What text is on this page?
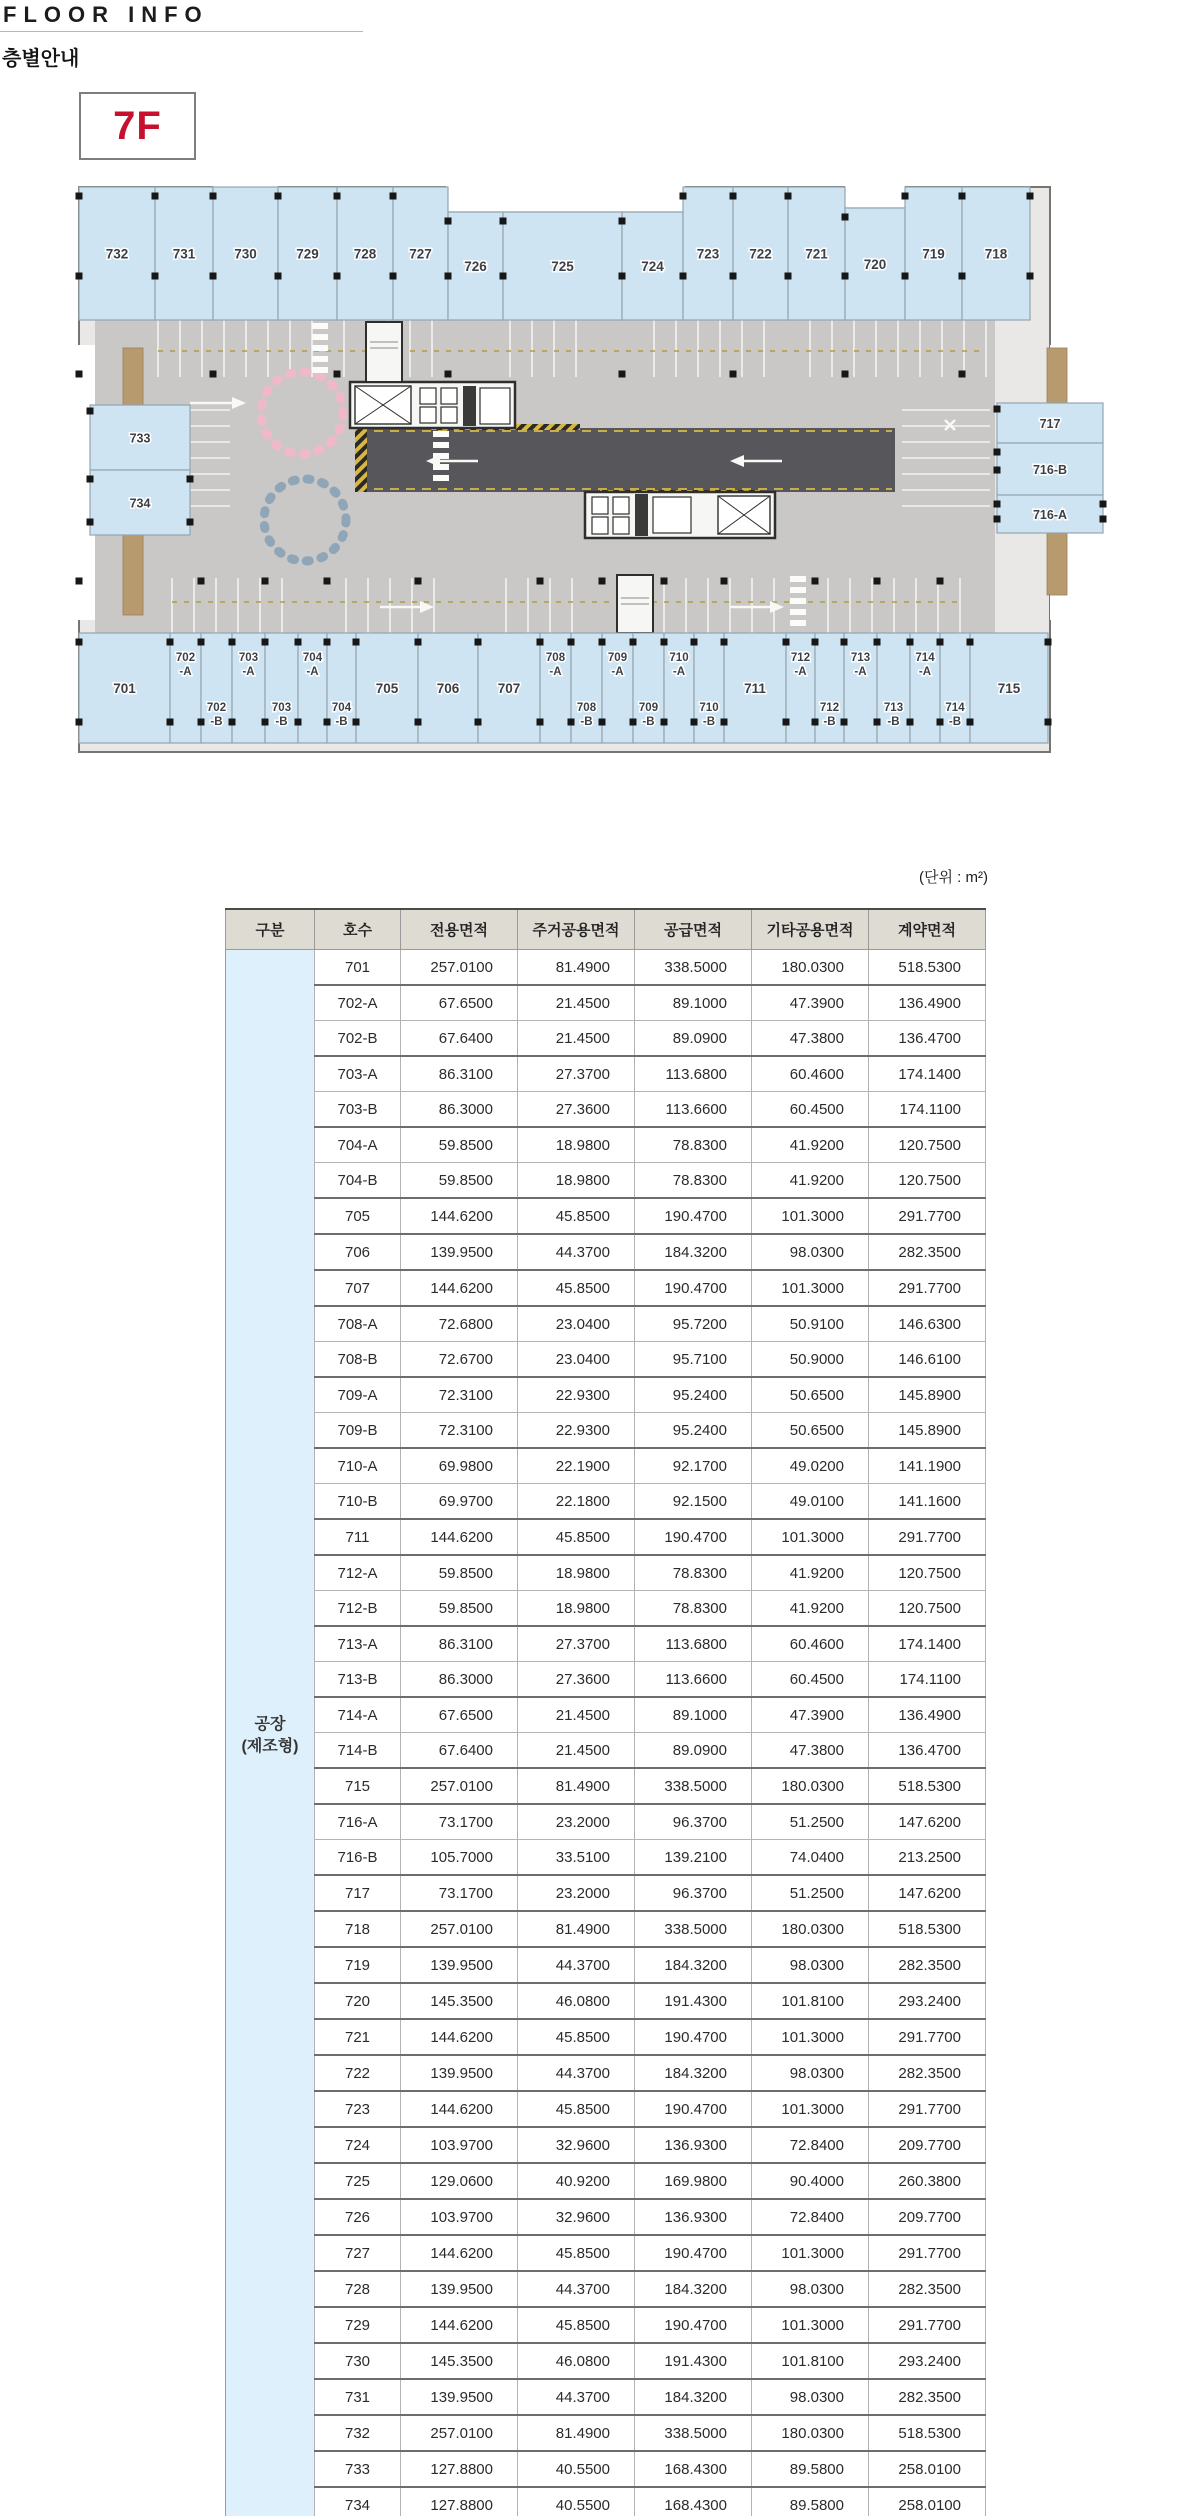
FLOOR INFO
층별안내
7F
732	731	730	729	728 727
726	725	724
723 722 721
720
719	718
701
702
-A
702
-B
703
-A
703
-B
704
-A
704
-B
705	706	707
708
-A
708
-B
709
-A
709
-B
710
-A
710
-B
711
712
-A
712
-B
713
-A
713
-B
714
-A
714
-B
715
733
734
717
716-B
716-A
(단위 : m²)
구분	호수	전용면적	주거공용면적	공급면적	기타공용면적	계약면적

공장
(제조형)	701	257.0100	81.4900	338.5000	180.0300	518.5300
	702-A	67.6500	21.4500	89.1000	47.3900	136.4900
	702-B	67.6400	21.4500	89.0900	47.3800	136.4700
	703-A	86.3100	27.3700	113.6800	60.4600	174.1400
	703-B	86.3000	27.3600	113.6600	60.4500	174.1100
	704-A	59.8500	18.9800	78.8300	41.9200	120.7500
	704-B	59.8500	18.9800	78.8300	41.9200	120.7500
	705	144.6200	45.8500	190.4700	101.3000	291.7700
	706	139.9500	44.3700	184.3200	98.0300	282.3500
	707	144.6200	45.8500	190.4700	101.3000	291.7700
	708-A	72.6800	23.0400	95.7200	50.9100	146.6300
	708-B	72.6700	23.0400	95.7100	50.9000	146.6100
	709-A	72.3100	22.9300	95.2400	50.6500	145.8900
	709-B	72.3100	22.9300	95.2400	50.6500	145.8900
	710-A	69.9800	22.1900	92.1700	49.0200	141.1900
	710-B	69.9700	22.1800	92.1500	49.0100	141.1600
	711	144.6200	45.8500	190.4700	101.3000	291.7700
	712-A	59.8500	18.9800	78.8300	41.9200	120.7500
	712-B	59.8500	18.9800	78.8300	41.9200	120.7500
	713-A	86.3100	27.3700	113.6800	60.4600	174.1400
	713-B	86.3000	27.3600	113.6600	60.4500	174.1100
	714-A	67.6500	21.4500	89.1000	47.3900	136.4900
	714-B	67.6400	21.4500	89.0900	47.3800	136.4700
	715	257.0100	81.4900	338.5000	180.0300	518.5300
	716-A	73.1700	23.2000	96.3700	51.2500	147.6200
	716-B	105.7000	33.5100	139.2100	74.0400	213.2500
	717	73.1700	23.2000	96.3700	51.2500	147.6200
	718	257.0100	81.4900	338.5000	180.0300	518.5300
	719	139.9500	44.3700	184.3200	98.0300	282.3500
	720	145.3500	46.0800	191.4300	101.8100	293.2400
	721	144.6200	45.8500	190.4700	101.3000	291.7700
	722	139.9500	44.3700	184.3200	98.0300	282.3500
	723	144.6200	45.8500	190.4700	101.3000	291.7700
	724	103.9700	32.9600	136.9300	72.8400	209.7700
	725	129.0600	40.9200	169.9800	90.4000	260.3800
	726	103.9700	32.9600	136.9300	72.8400	209.7700
	727	144.6200	45.8500	190.4700	101.3000	291.7700
	728	139.9500	44.3700	184.3200	98.0300	282.3500
	729	144.6200	45.8500	190.4700	101.3000	291.7700
	730	145.3500	46.0800	191.4300	101.8100	293.2400
	731	139.9500	44.3700	184.3200	98.0300	282.3500
	732	257.0100	81.4900	338.5000	180.0300	518.5300
	733	127.8800	40.5500	168.4300	89.5800	258.0100
	734	127.8800	40.5500	168.4300	89.5800	258.0100
